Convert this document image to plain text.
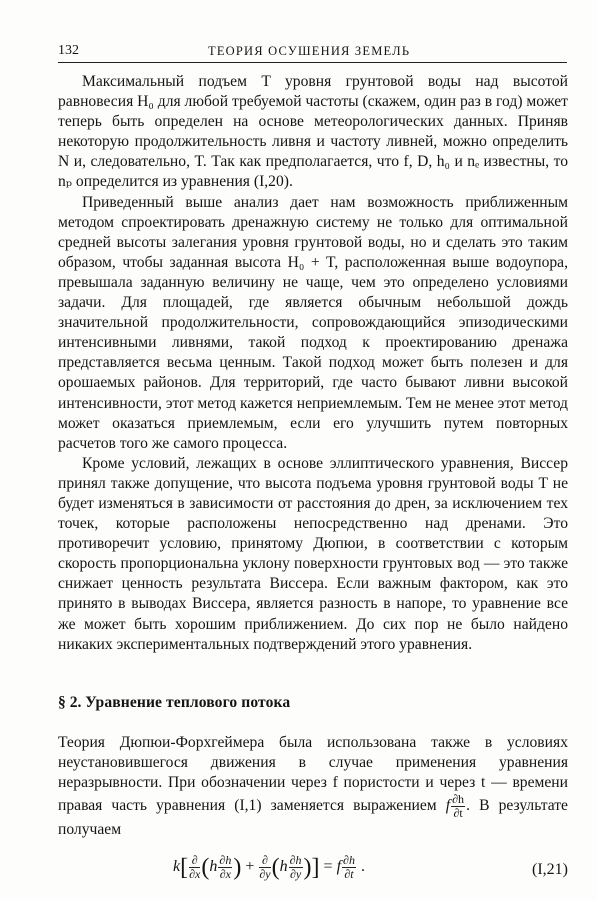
132	ТЕОРИЯ ОСУШЕНИЯ ЗЕМЕЛЬ

Максимальный подъем T уровня грунтовой воды над высотой равновесия H₀ для любой требуемой частоты (скажем, один раз в год) может теперь быть определен на основе метеорологических данных. Приняв некоторую продолжительность ливня и частоту ливней, можно определить N и, следовательно, T. Так как предполагается, что f, D, h₀ и nₑ известны, то nₚ определится из уравнения (I,20).

Приведенный выше анализ дает нам возможность приближенным методом спроектировать дренажную систему не только для оптимальной средней высоты залегания уровня грунтовой воды, но и сделать это таким образом, чтобы заданная высота H₀ + T, расположенная выше водоупора, превышала заданную величину не чаще, чем это определено условиями задачи. Для площадей, где является обычным небольшой дождь значительной продолжительности, сопровождающийся эпизодическими интенсивными ливнями, такой подход к проектированию дренажа представляется весьма ценным. Такой подход может быть полезен и для орошаемых районов. Для территорий, где часто бывают ливни высокой интенсивности, этот метод кажется неприемлемым. Тем не менее этот метод может оказаться приемлемым, если его улучшить путем повторных расчетов того же самого процесса.

Кроме условий, лежащих в основе эллиптического уравнения, Виссер принял также допущение, что высота подъема уровня грунтовой воды T не будет изменяться в зависимости от расстояния до дрен, за исключением тех точек, которые расположены непосредственно над дренами. Это противоречит условию, принятому Дюпюи, в соответствии с которым скорость пропорциональна уклону поверхности грунтовых вод — это также снижает ценность результата Виссера. Если важным фактором, как это принято в выводах Виссера, является разность в напоре, то уравнение все же может быть хорошим приближением. До сих пор не было найдено никаких экспериментальных подтверждений этого уравнения.

§ 2. Уравнение теплового потока

Теория Дюпюи-Форхгеймера была использована также в условиях неустановившегося движения в случае применения уравнения неразрывности. При обозначении через f пористости и через t — времени правая часть уравнения (I,1) заменяется выражением f $\frac{\partial h}{\partial t}$ . В результате получаем

$k[ \frac{\partial}{\partial x} (h \frac{\partial h}{\partial x}$ ) + $\frac{\partial}{\partial y} (h \frac{\partial h}{\partial y}$ )] = f $\frac{\partial h}{\partial t}$ .	(I,21)
